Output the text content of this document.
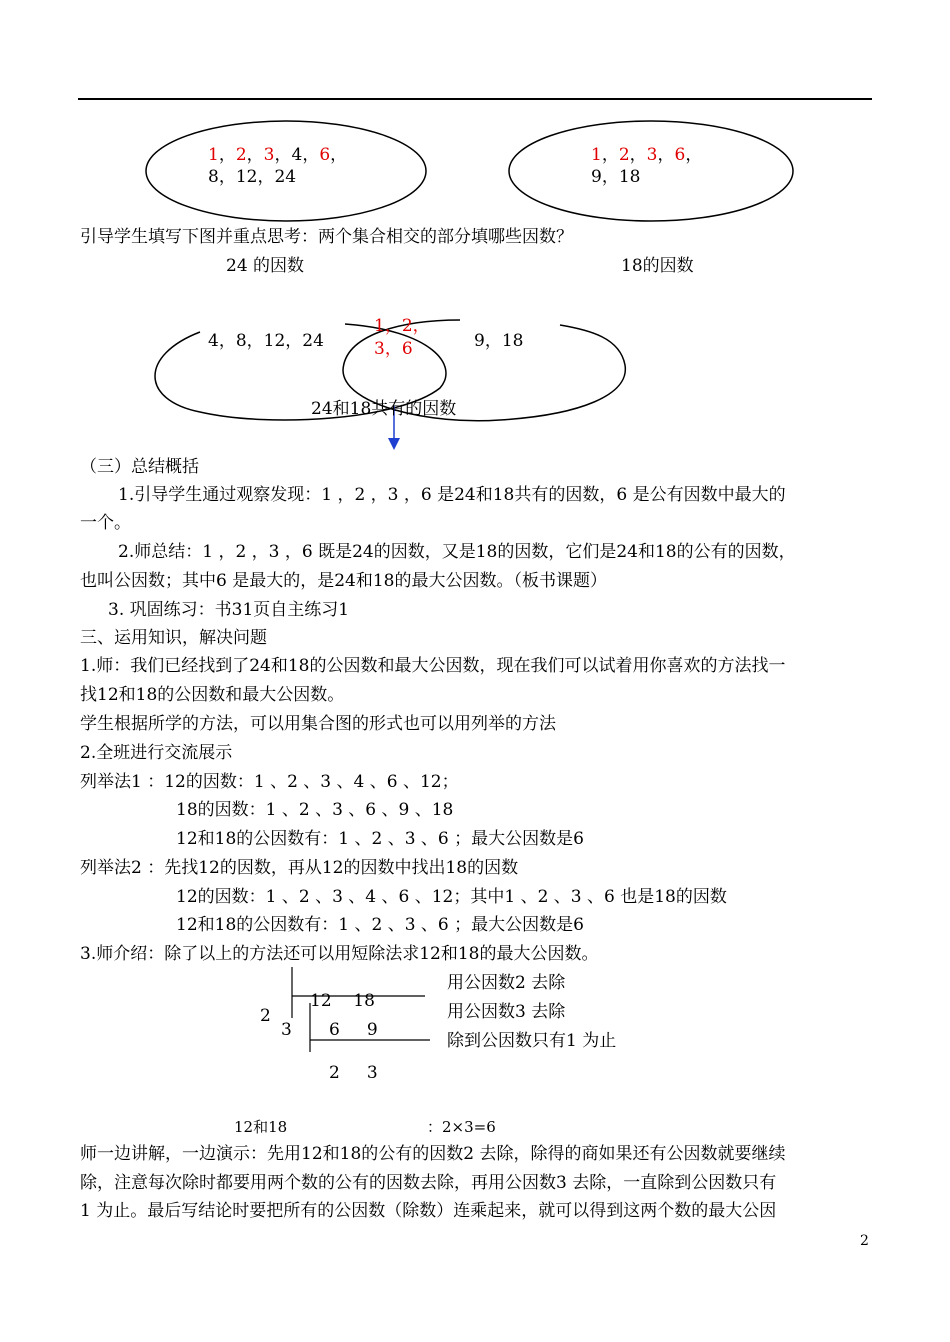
1，2，3，4，6，
8，12，24
1，2，3，6，
9，18
引导学生填写下图并重点思考：两个集合相交的部分填哪些因数？
24 的因数	18的因数
4，8，12，24
1，2，
3，6	9，18
24和18共有的因数
（三）总结概括
1.引导学生通过观察发现：1 ，2 ，3 ，6 是24和18共有的因数，6 是公有因数中最大的
一个。
2.师总结：1 ，2 ，3 ，6 既是24的因数，又是18的因数，它们是24和18的公有的因数，
也叫公因数；其中6 是最大的，是24和18的最大公因数。（板书课题）
3. 巩固练习：书31页自主练习1
三、运用知识，解决问题
1.师：我们已经找到了24和18的公因数和最大公因数，现在我们可以试着用你喜欢的方法找一
找12和18的公因数和最大公因数。
学生根据所学的方法，可以用集合图的形式也可以用列举的方法
2.全班进行交流展示
列举法1 ：12的因数：1 、2 、3 、4 、6 、12；
18的因数：1 、2 、3 、6 、9 、18
12和18的公因数有：1 、2 、3 、6 ；最大公因数是6
列举法2 ：先找12的因数，再从12的因数中找出18的因数
12的因数：1 、2 、3 、4 、6 、12；其中1 、2 、3 、6 也是18的因数
12和18的公因数有：1 、2 、3 、6 ；最大公因数是6
3.师介绍：除了以上的方法还可以用短除法求12和18的最大公因数。
12    18
2
3 6     9
2     3
用公因数2 去除
用公因数3 去除
除到公因数只有1 为止
12和18	：2×3=6
师一边讲解，一边演示：先用12和18的公有的因数2 去除，除得的商如果还有公因数就要继续
除，注意每次除时都要用两个数的公有的因数去除，再用公因数3 去除，一直除到公因数只有
1 为止。最后写结论时要把所有的公因数（除数）连乘起来，就可以得到这两个数的最大公因
2
